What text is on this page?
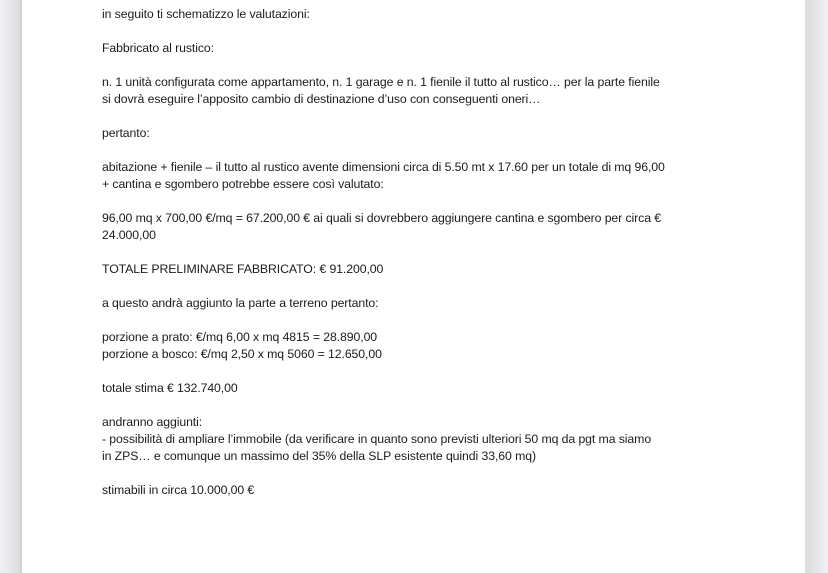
in seguito ti schematizzo le valutazioni:

Fabbricato al rustico:

n. 1 unità configurata come appartamento, n. 1 garage e n. 1 fienile il tutto al rustico… per la parte fienile
si dovrà eseguire l’apposito cambio di destinazione d’uso con conseguenti oneri…

pertanto:

abitazione + fienile – il tutto al rustico avente dimensioni circa di 5.50 mt x 17.60 per un totale di mq 96,00
+ cantina e sgombero potrebbe essere così valutato:

96,00 mq x 700,00 €/mq = 67.200,00 € ai quali si dovrebbero aggiungere cantina e sgombero per circa €
24.000,00

TOTALE PRELIMINARE FABBRICATO: € 91.200,00

a questo andrà aggiunto la parte a terreno pertanto:

porzione a prato: €/mq 6,00 x mq 4815 = 28.890,00
porzione a bosco: €/mq 2,50 x mq 5060 = 12.650,00

totale stima € 132.740,00

andranno aggiunti:
- possibilità di ampliare l’immobile (da verificare in quanto sono previsti ulteriori 50 mq da pgt ma siamo
in ZPS… e comunque un massimo del 35% della SLP esistente quindi 33,60 mq)

stimabili in circa 10.000,00 €
